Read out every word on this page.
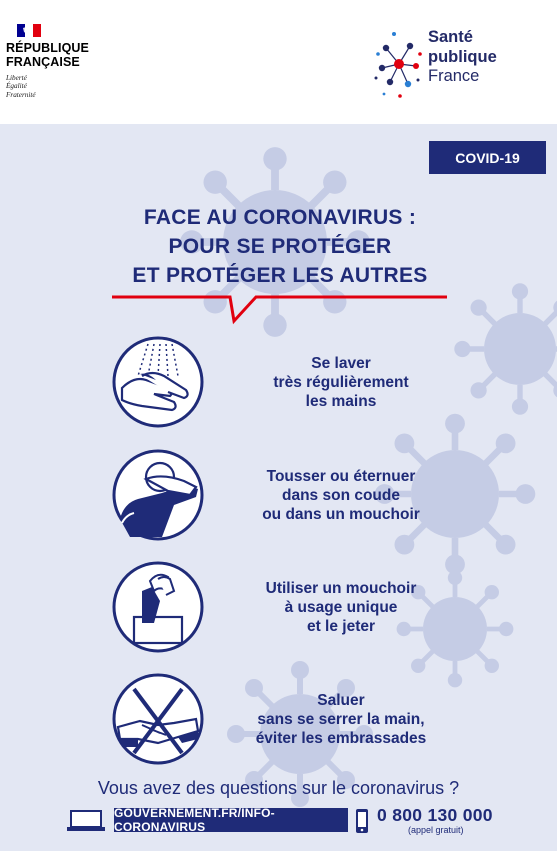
RÉPUBLIQUE
FRANÇAISE
Liberté
Égalité
Fraternité
Santé
publique
France
COVID-19
FACE AU CORONAVIRUS :
POUR SE PROTÉGER
ET PROTÉGER LES AUTRES
Se laver
très régulièrement
les mains
Tousser ou éternuer
dans son coude
ou dans un mouchoir
Utiliser un mouchoir
à usage unique
et le jeter
Saluer
sans se serrer la main,
éviter les embrassades
Vous avez des questions sur le coronavirus ?
GOUVERNEMENT.FR/INFO-CORONAVIRUS
0 800 130 000
(appel gratuit)
